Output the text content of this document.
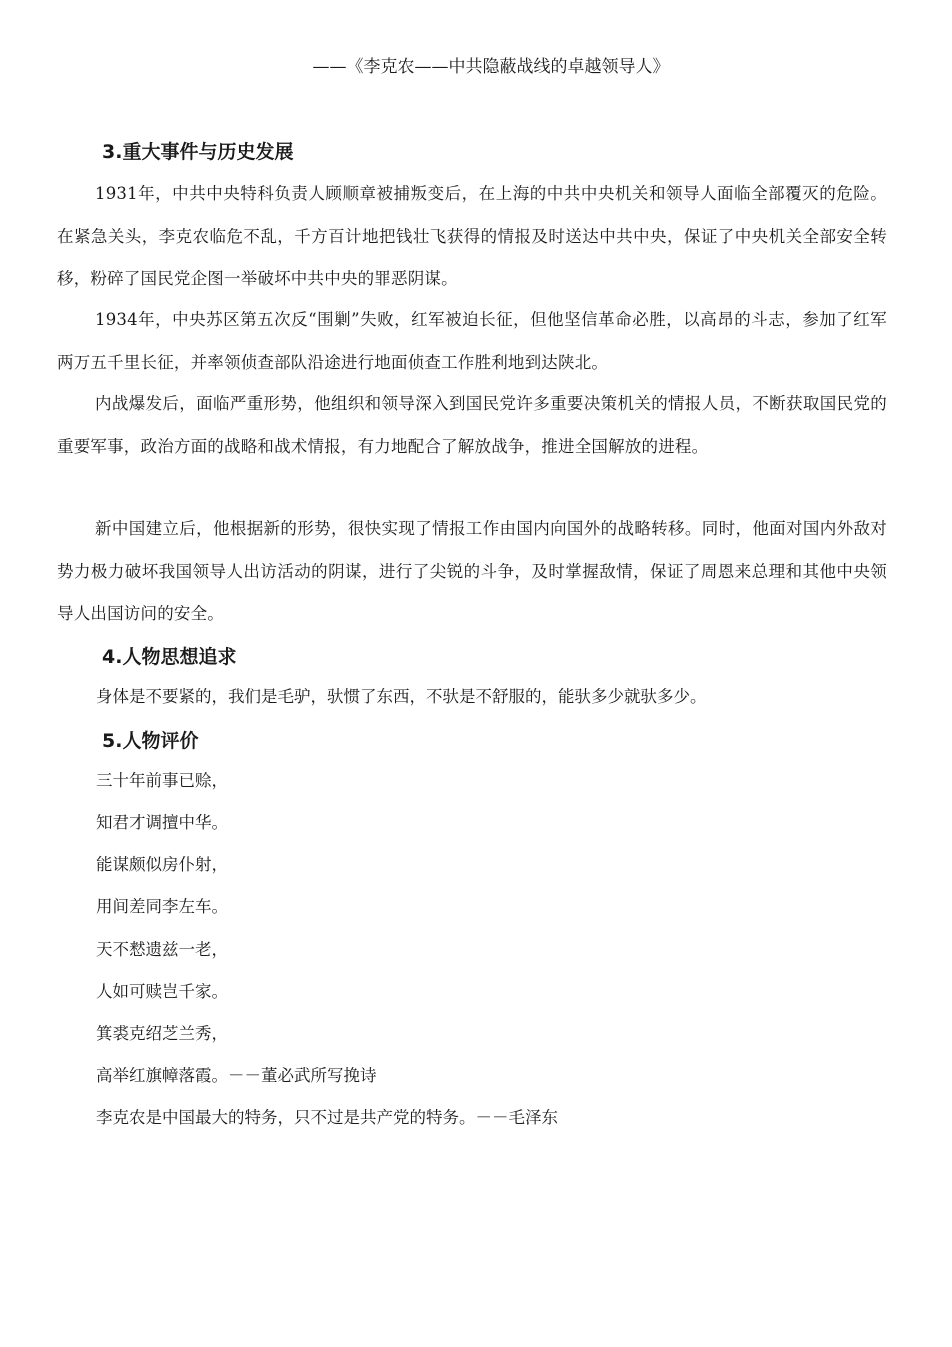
——《李克农——中共隐蔽战线的卓越领导人》
3.重大事件与历史发展
1931年，中共中央特科负责人顾顺章被捕叛变后，在上海的中共中央机关和领导人面临全部覆灭的危险。在紧急关头，李克农临危不乱，千方百计地把钱壮飞获得的情报及时送达中共中央，保证了中央机关全部安全转移，粉碎了国民党企图一举破坏中共中央的罪恶阴谋。
1934年，中央苏区第五次反“围剿”失败，红军被迫长征，但他坚信革命必胜，以高昂的斗志，参加了红军两万五千里长征，并率领侦查部队沿途进行地面侦查工作胜利地到达陕北。
内战爆发后，面临严重形势，他组织和领导深入到国民党许多重要决策机关的情报人员，不断获取国民党的重要军事，政治方面的战略和战术情报，有力地配合了解放战争，推进全国解放的进程。
新中国建立后，他根据新的形势，很快实现了情报工作由国内向国外的战略转移。同时，他面对国内外敌对势力极力破坏我国领导人出访活动的阴谋，进行了尖锐的斗争，及时掌握敌情，保证了周恩来总理和其他中央领导人出国访问的安全。
4.人物思想追求
身体是不要紧的，我们是毛驴，驮惯了东西，不驮是不舒服的，能驮多少就驮多少。
5.人物评价
三十年前事已赊，
知君才调擅中华。
能谋颇似房仆射，
用间差同李左车。
天不慭遗兹一老，
人如可赎岂千家。
箕裘克绍芝兰秀，
高举红旗幛落霞。－－董必武所写挽诗
李克农是中国最大的特务，只不过是共产党的特务。－－毛泽东
